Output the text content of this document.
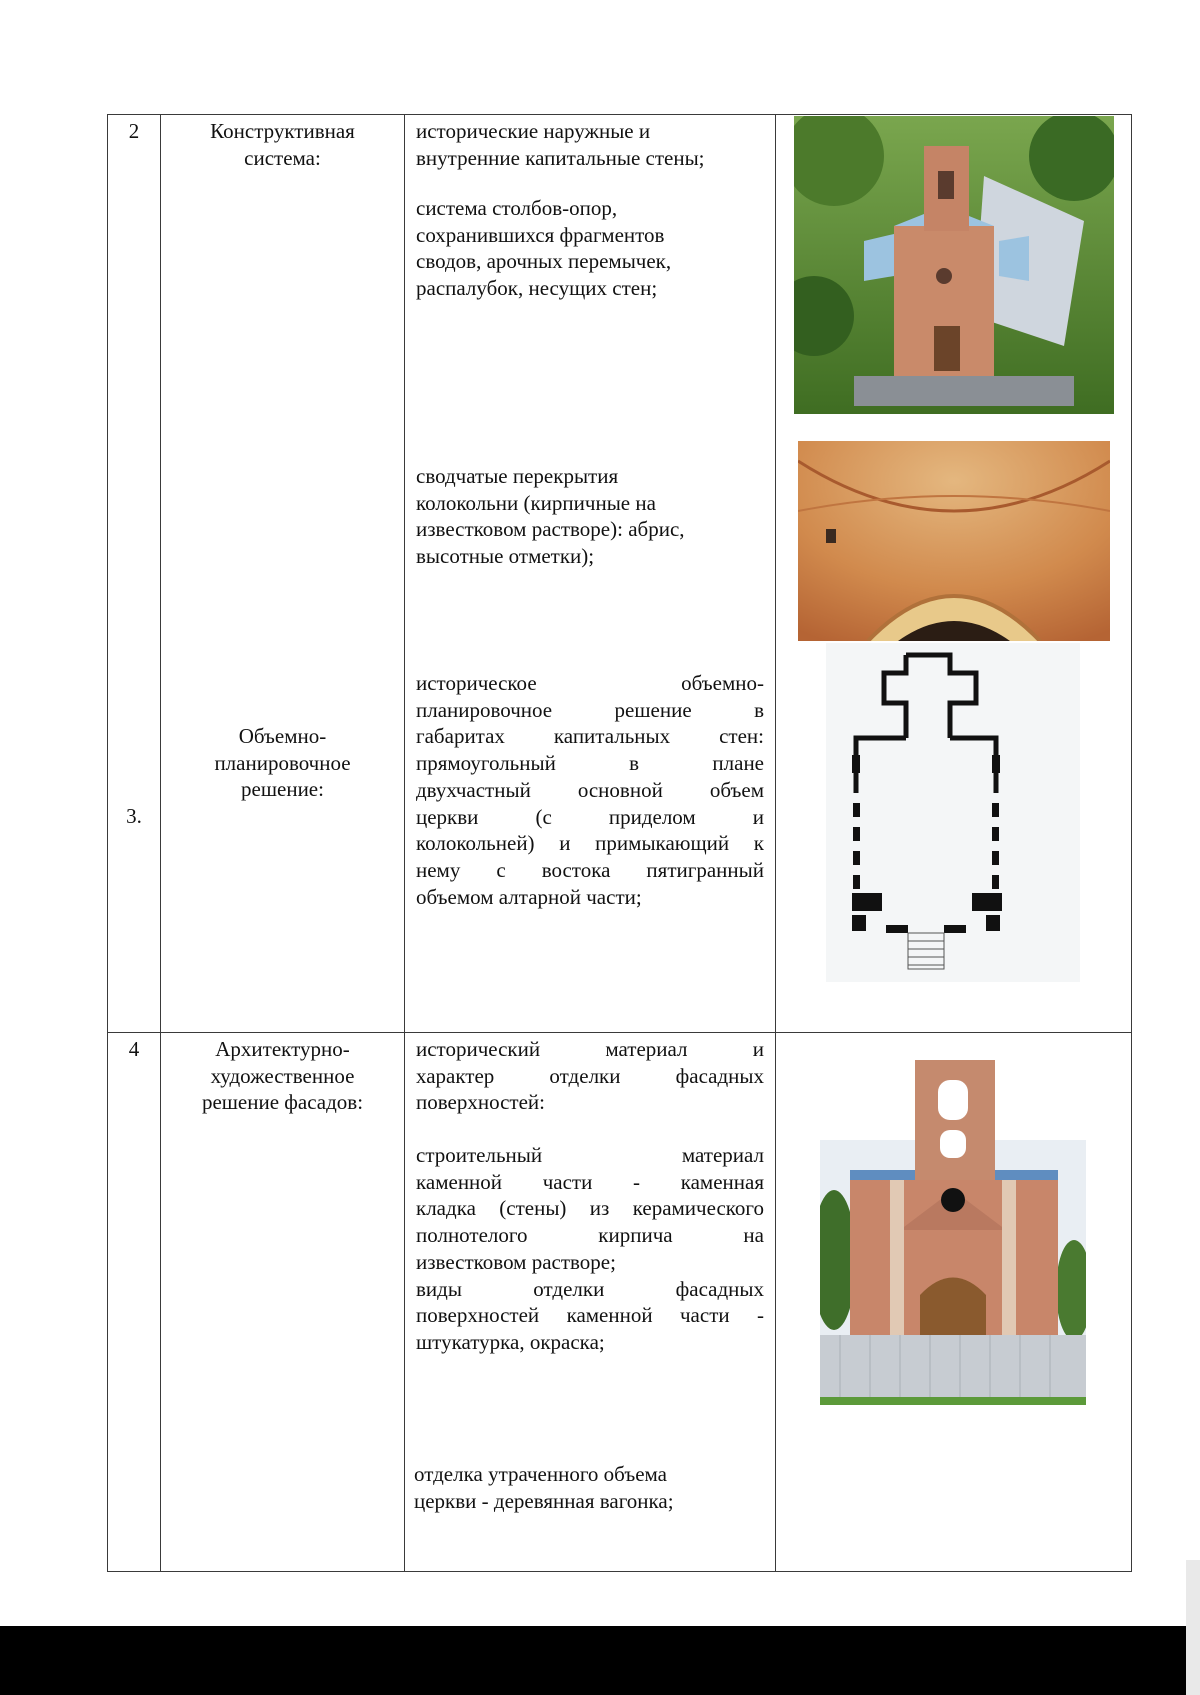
2	Конструктивная
система:
исторические наружные и
внутренние капитальные стены;
система столбов-опор,
сохранившихся фрагментов
сводов, арочных перемычек,
распалубок, несущих стен;
сводчатые перекрытия
колокольни (кирпичные на
известковом растворе): абрис,
высотные отметки);
3.
Объемно-
планировочное
решение:
историческое объемно-
планировочное решение в
габаритах капитальных стен:
прямоугольный в плане
двухчастный основной объем
церкви (с приделом и
колокольней) и примыкающий к
нему с востока пятигранный
объемом алтарной части;
4	Архитектурно-
художественное
решение фасадов:
исторический материал и
характер отделки фасадных
поверхностей:
строительный материал
каменной части - каменная
кладка (стены) из керамического
полнотелого кирпича на
известковом растворе;
виды отделки фасадных
поверхностей каменной части -
штукатурка, окраска;
отделка утраченного объема
церкви - деревянная вагонка;
